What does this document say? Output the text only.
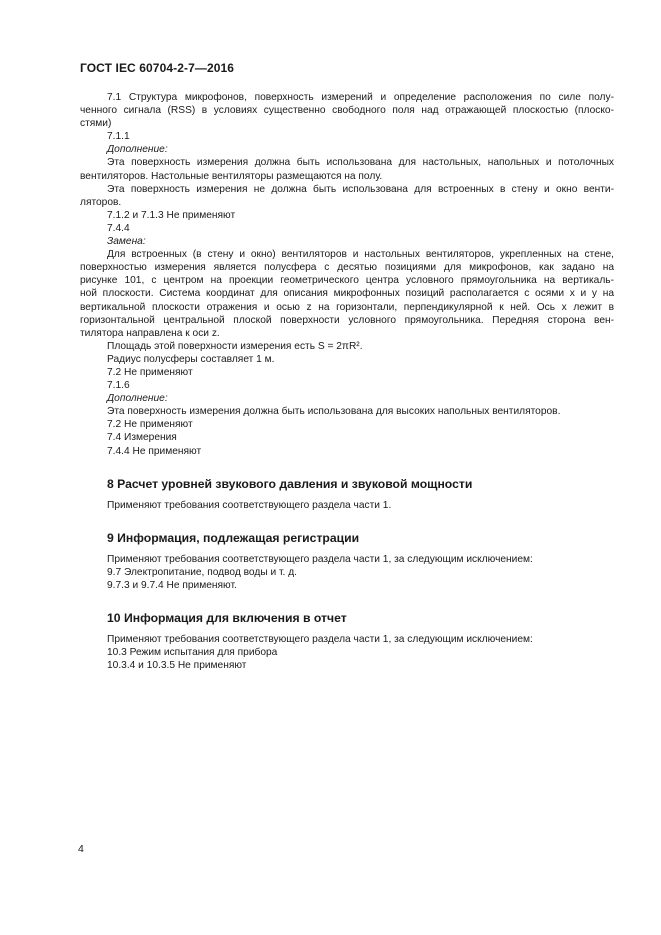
ГОСТ IEC 60704-2-7—2016

7.1 Структура микрофонов, поверхность измерений и определение расположения по силе полу-
ченного сигнала (RSS) в условиях существенно свободного поля над отражающей плоскостью (плоско-
стями)

7.1.1

Дополнение:

Эта поверхность измерения должна быть использована для настольных, напольных и потолочных
вентиляторов. Настольные вентиляторы размещаются на полу.

Эта поверхность измерения не должна быть использована для встроенных в стену и окно венти-
ляторов.

7.1.2 и 7.1.3 Не применяют

7.4.4

Замена:

Для встроенных (в стену и окно) вентиляторов и настольных вентиляторов, укрепленных на стене,
поверхностью измерения является полусфера с десятью позициями для микрофонов, как задано на
рисунке 101, с центром на проекции геометрического центра условного прямоугольника на вертикаль-
ной плоскости. Система координат для описания микрофонных позиций располагается с осями x и y на
вертикальной плоскости отражения и осью z на горизонтали, перпендикулярной к ней. Ось x лежит в
горизонтальной центральной плоской поверхности условного прямоугольника. Передняя сторона вен-
тилятора направлена к оси z.

Площадь этой поверхности измерения есть S = 2πR².

Радиус полусферы составляет 1 м.

7.2 Не применяют

7.1.6

Дополнение:

Эта поверхность измерения должна быть использована для высоких напольных вентиляторов.

7.2 Не применяют

7.4 Измерения

7.4.4 Не применяют

8 Расчет уровней звукового давления и звуковой мощности

Применяют требования соответствующего раздела части 1.

9 Информация, подлежащая регистрации

Применяют требования соответствующего раздела части 1, за следующим исключением:

9.7 Электропитание, подвод воды и т. д.

9.7.3 и 9.7.4 Не применяют.

10 Информация для включения в отчет

Применяют требования соответствующего раздела части 1, за следующим исключением:

10.3 Режим испытания для прибора

10.3.4 и 10.3.5 Не применяют

4
